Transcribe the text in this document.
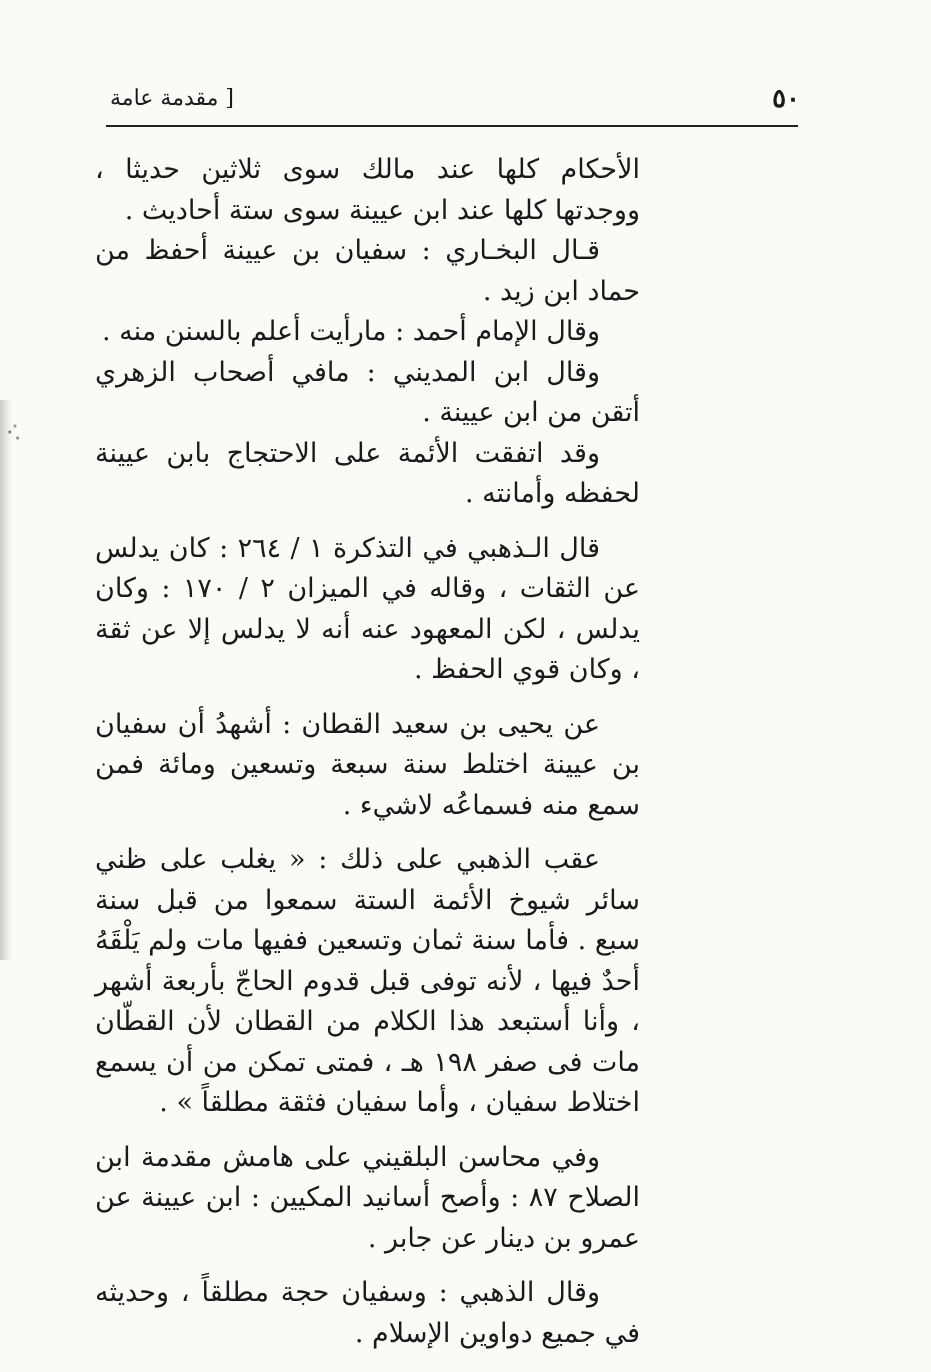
٥٠
[ مقدمة عامة

الأحكام كلها عند مالك سوى ثلاثين حديثا ، ووجدتها كلها عند ابن عيينة سوى ستة أحاديث .

قـال البخـاري : سفيان بن عيينة أحفظ من حماد ابن زيد .

وقال الإمام أحمد : مارأيت أعلم بالسنن منه .

وقال ابن المديني : مافي أصحاب الزهري أتقن من ابن عيينة .

وقد اتفقت الأئمة على الاحتجاج بابن عيينة لحفظه وأمانته .

قال الـذهبي في التذكرة ١ / ٢٦٤ : كان يدلس عن الثقات ، وقاله في الميزان ٢ / ١٧٠ : وكان يدلس ، لكن المعهود عنه أنه لا يدلس إلا عن ثقة ، وكان قوي الحفظ .

عن يحيى بن سعيد القطان : أشهدُ أن سفيان بن عيينة اختلط سنة سبعة وتسعين ومائة فمن سمع منه فسماعُه لاشيء .

عقب الذهبي على ذلك : « يغلب على ظني سائر شيوخ الأئمة الستة سمعوا من قبل سنة سبع . فأما سنة ثمان وتسعين ففيها مات ولم يَلْقَهُ أحدٌ فيها ، لأنه توفى قبل قدوم الحاجّ بأربعة أشهر ، وأنا أستبعد هذا الكلام من القطان لأن القطّان مات فى صفر ١٩٨ هـ ، فمتى تمكن من أن يسمع اختلاط سفيان ، وأما سفيان فثقة مطلقاً » .

وفي محاسن البلقيني على هامش مقدمة ابن الصلاح ٨٧ : وأصح أسانيد المكيين : ابن عيينة عن عمرو بن دينار عن جابر .

وقال الذهبي : وسفيان حجة مطلقاً ، وحديثه في جميع دواوين الإسلام .
